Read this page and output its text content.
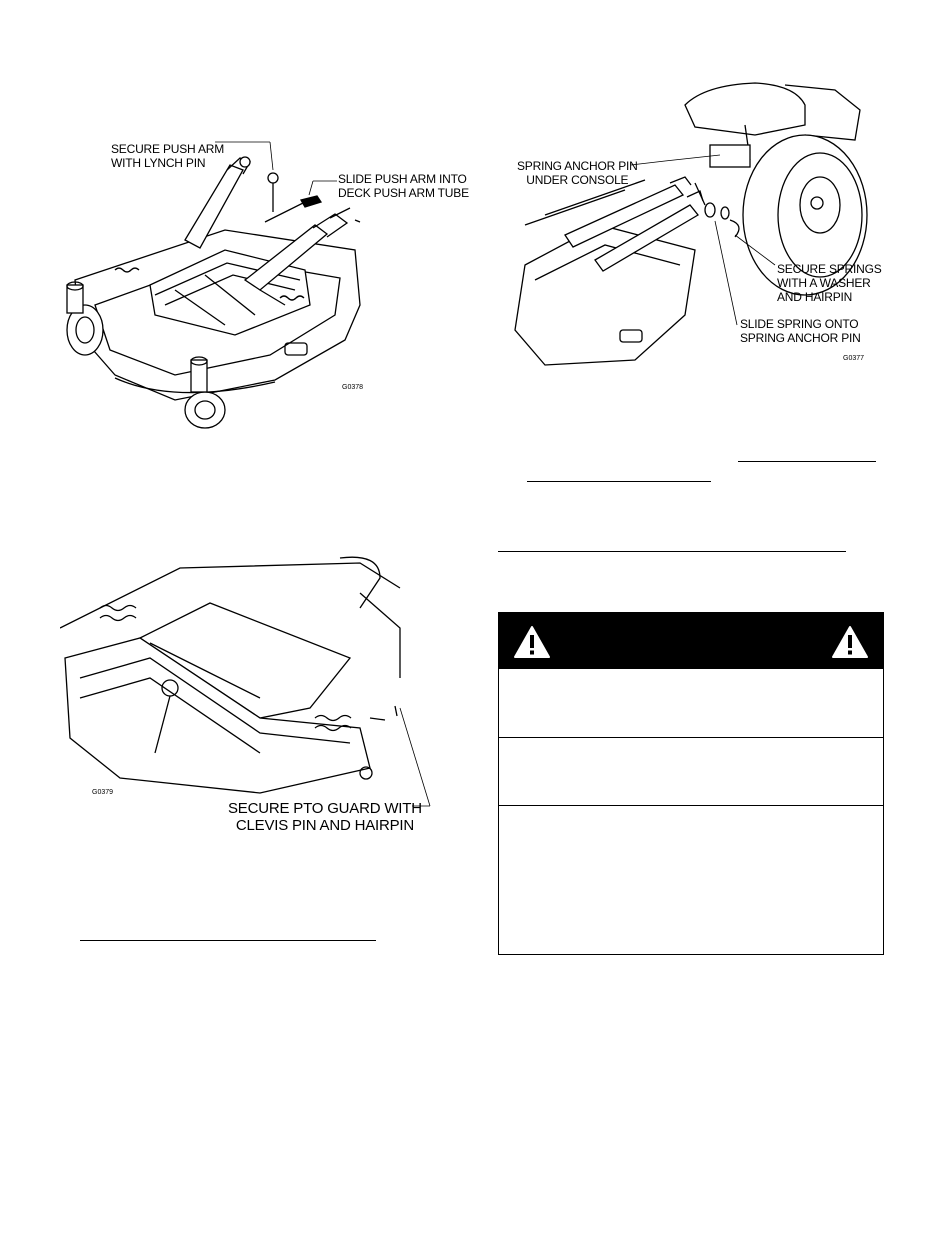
SECURE PUSH ARM
WITH LYNCH PIN
SLIDE PUSH ARM INTO
DECK PUSH ARM TUBE
G0378
SPRING ANCHOR PIN
UNDER CONSOLE
SECURE SPRINGS
WITH A WASHER
AND HAIRPIN
SLIDE SPRING ONTO
SPRING ANCHOR PIN
G0377
G0379
SECURE PTO GUARD WITH
CLEVIS PIN AND HAIRPIN
